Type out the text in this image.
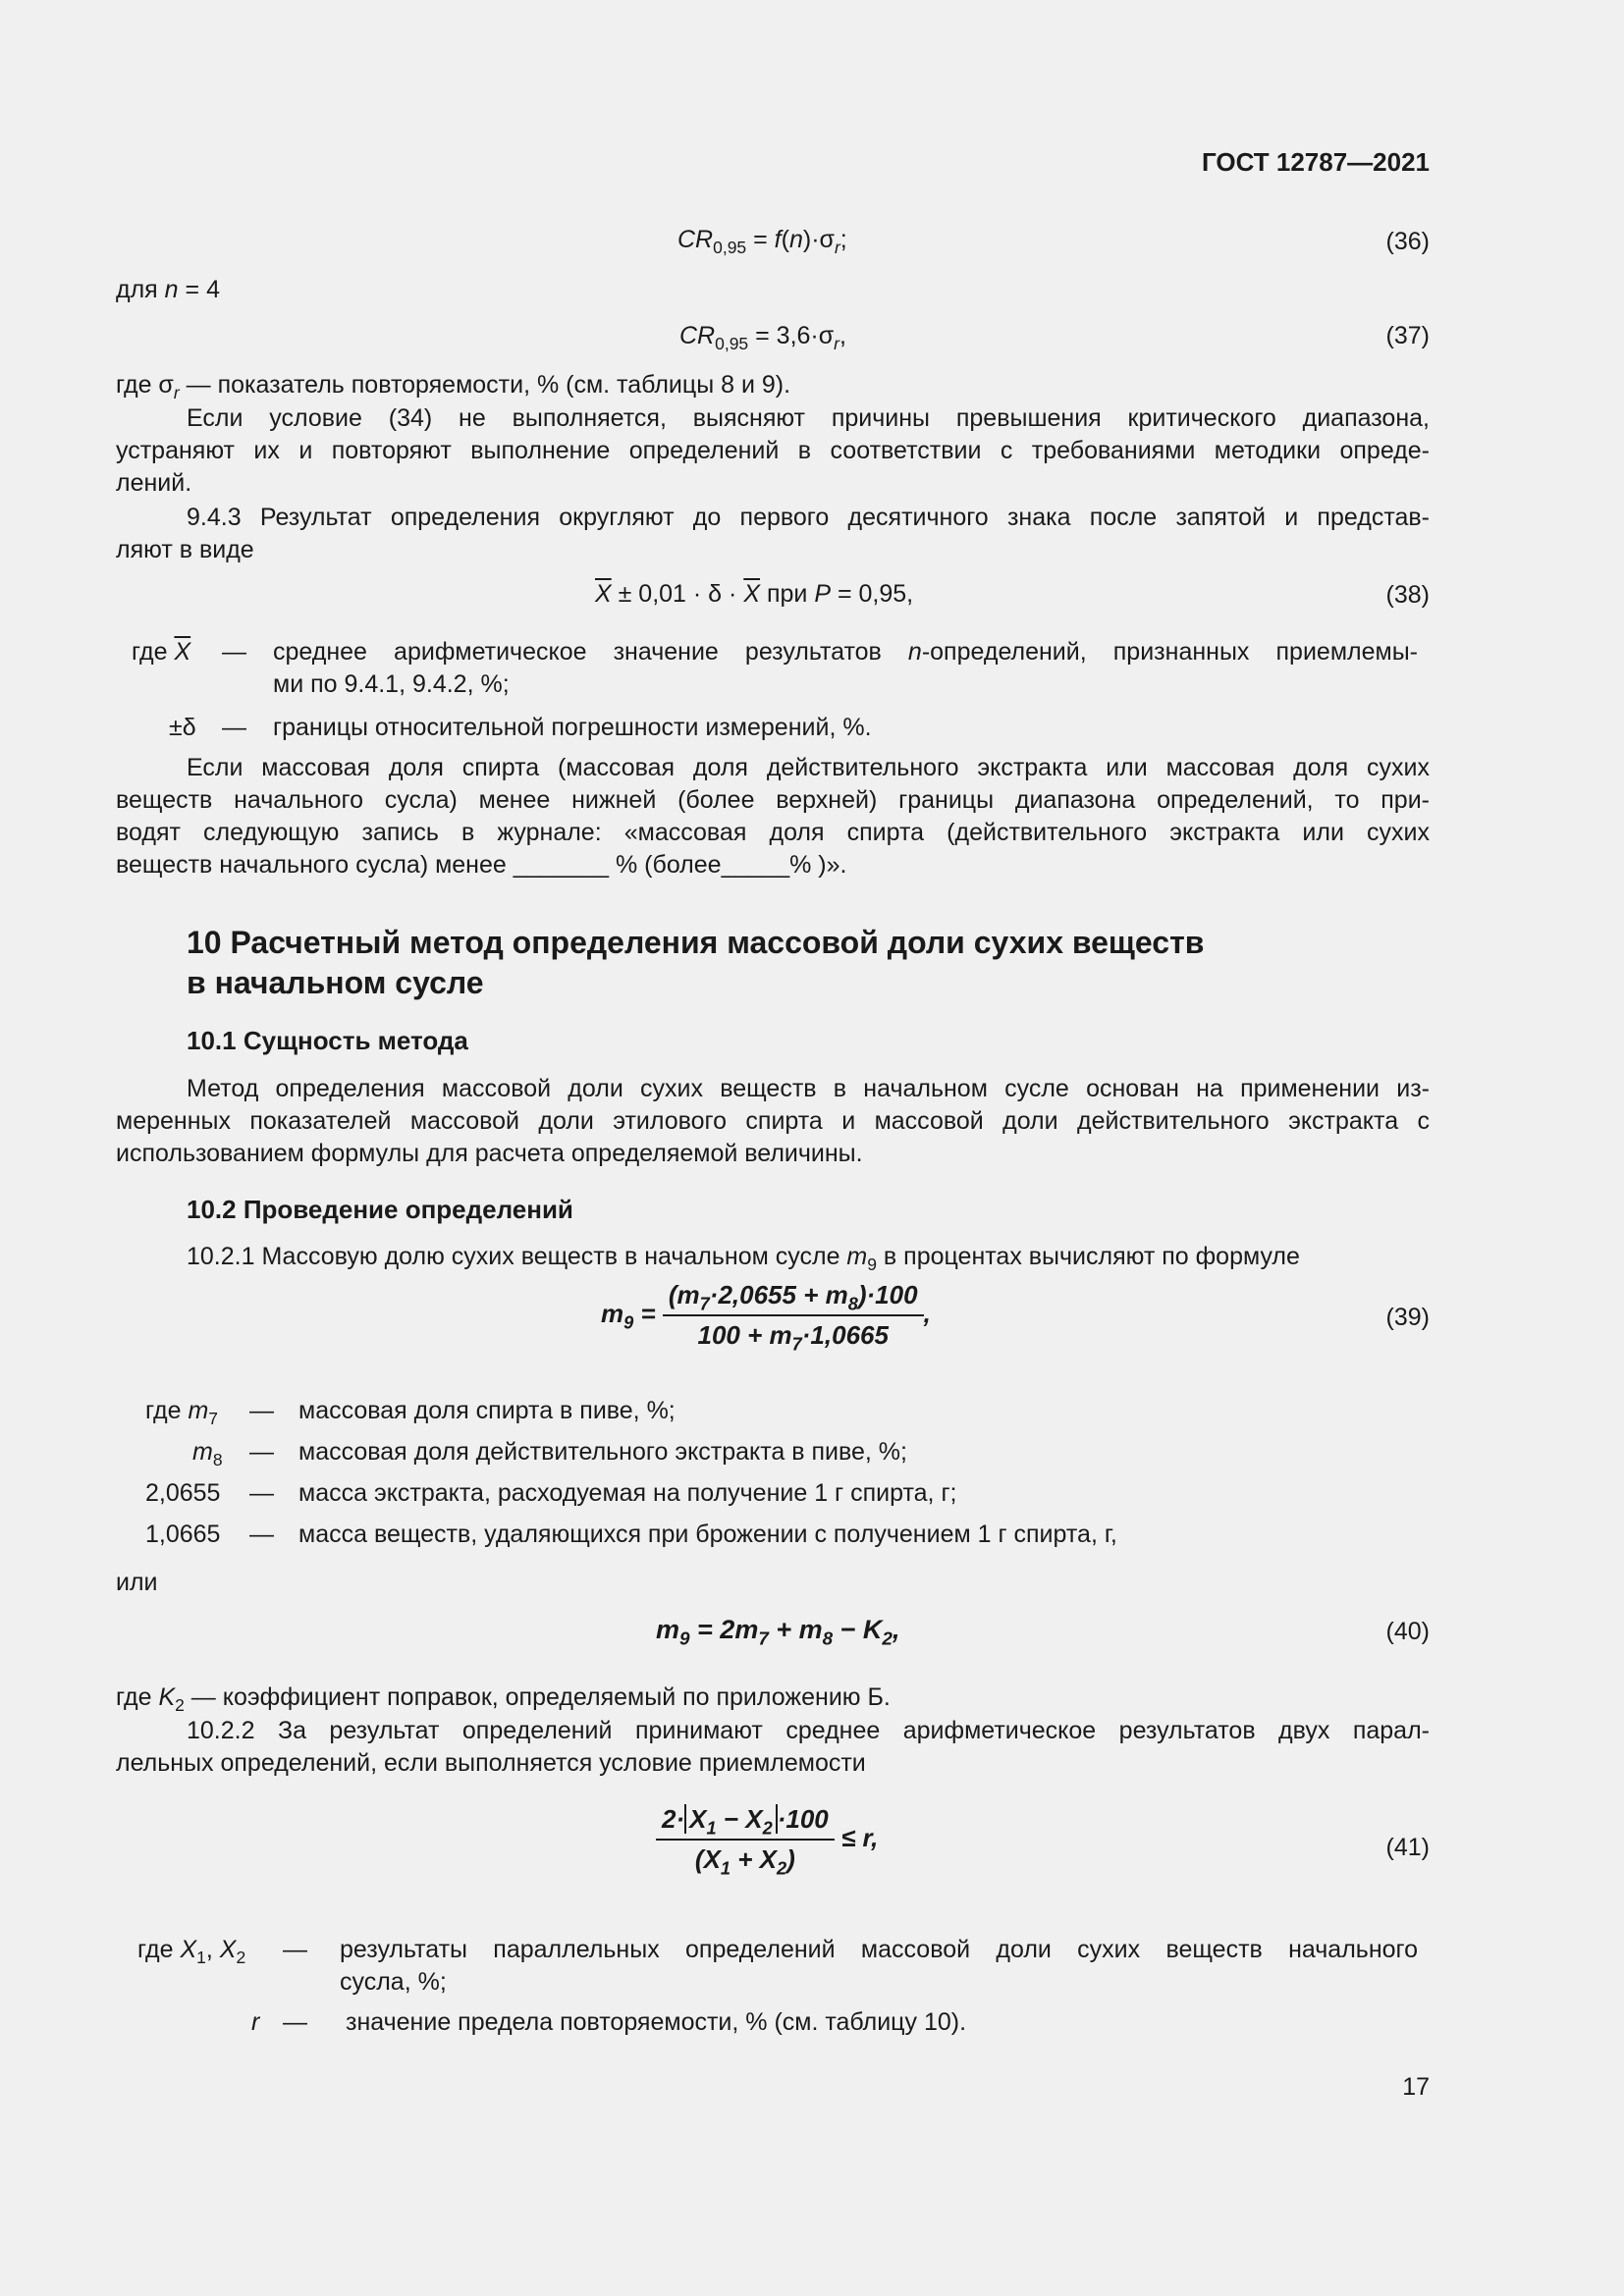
ГОСТ 12787—2021
$CR_{0,95} = f(n)\cdot\sigma_r$;	(36)
для n = 4
$CR_{0,95} = 3,6\cdot\sigma_r$,	(37)
где $\sigma_r$ — показатель повторяемости, % (см. таблицы 8 и 9).
Если условие (34) не выполняется, выясняют причины превышения критического диапазона,
устраняют их и повторяют выполнение определений в соответствии с требованиями методики опреде-
лений.
9.4.3 Результат определения округляют до первого десятичного знака после запятой и представ-
ляют в виде
$\overline{X} \pm 0,01 \cdot \delta \cdot \overline{X}$ при P = 0,95,	(38)
где $\overline{X}$ — среднее арифметическое значение результатов n-определений, признанных приемлемы-
ми по 9.4.1, 9.4.2, %;
±δ — границы относительной погрешности измерений, %.
Если массовая доля спирта (массовая доля действительного экстракта или массовая доля сухих
веществ начального сусла) менее нижней (более верхней) границы диапазона определений, то при-
водят следующую запись в журнале: «массовая доля спирта (действительного экстракта или сухих
веществ начального сусла) менее _______ % (более_____% )».
10 Расчетный метод определения массовой доли сухих веществ
в начальном сусле
10.1 Сущность метода
Метод определения массовой доли сухих веществ в начальном сусле основан на применении из-
меренных показателей массовой доли этилового спирта и массовой доли действительного экстракта с
использованием формулы для расчета определяемой величины.
10.2 Проведение определений
10.2.1 Массовую долю сухих веществ в начальном сусле $m_9$ в процентах вычисляют по формуле
$m_9 = \frac{(m_7\cdot 2,0655 + m_8)\cdot 100}{100 + m_7\cdot 1,0665}$ ,	(39)
где $m_7$ — массовая доля спирта в пиве, %;
$m_8$ — массовая доля действительного экстракта в пиве, %;
2,0655 — масса экстракта, расходуемая на получение 1 г спирта, г;
1,0665 — масса веществ, удаляющихся при брожении с получением 1 г спирта, г,
или
$m_9 = 2m_7 + m_8 - K_2$,	(40)
где $K_2$ — коэффициент поправок, определяемый по приложению Б.
10.2.2 За результат определений принимают среднее арифметическое результатов двух парал-
лельных определений, если выполняется условие приемлемости
$\frac{2\cdot X_1 - X_2 \cdot 100}{(X_1 + X_2)} \le r$,	(41)
где $X_1$, $X_2$ — результаты параллельных определений массовой доли сухих веществ начального
сусла, %;
r — значение предела повторяемости, % (см. таблицу 10).
17
